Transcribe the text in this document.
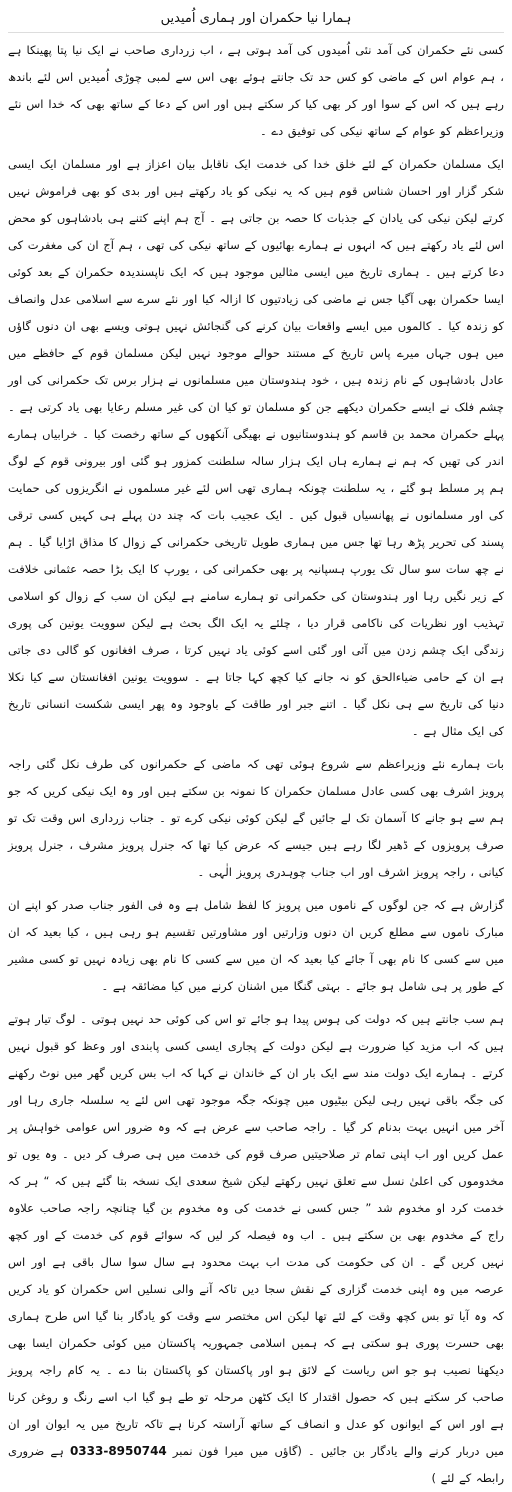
ہمارا نیا حکمران اور ہماری اُمیدیں

کسی نئے حکمران کی آمد نئی اُمیدوں کی آمد ہوتی ہے ، اب زرداری صاحب نے ایک نیا پتا پھینکا ہے ، ہم عوام اس کے ماضی کو کس حد تک جانتے ہوئے بھی اس سے لمبی چوڑی اُمیدیں اس لئے باندھ رہے ہیں کہ اس کے سوا اور کر بھی کیا کر سکتے ہیں اور اس کے دعا کے ساتھ بھی کہ خدا اس نئے وزیراعظم کو عوام کے ساتھ نیکی کی توفیق دے ۔

ایک مسلمان حکمران کے لئے خلق خدا کی خدمت ایک ناقابل بیان اعزاز ہے اور مسلمان ایک ایسی شکر گزار اور احسان شناس قوم ہیں کہ یہ نیکی کو یاد رکھتے ہیں اور بدی کو بھی فراموش نہیں کرتے لیکن نیکی کی یادان کے جذبات کا حصہ بن جاتی ہے ۔ آج ہم اپنے کتنے ہی بادشاہوں کو محض اس لئے یاد رکھتے ہیں کہ انہوں نے ہمارے بھائیوں کے ساتھ نیکی کی تھی ، ہم آج ان کی مغفرت کی دعا کرتے ہیں ۔ ہماری تاریخ میں ایسی مثالیں موجود ہیں کہ ایک ناپسندیدہ حکمران کے بعد کوئی ایسا حکمران بھی آگیا جس نے ماضی کی زیادتیوں کا ازالہ کیا اور نئے سرے سے اسلامی عدل وانصاف کو زندہ کیا ۔ کالموں میں ایسے واقعات بیان کرنے کی گنجائش نہیں ہوتی ویسے بھی ان دنوں گاؤں میں ہوں جہاں میرے پاس تاریخ کے مستند حوالے موجود نہیں لیکن مسلمان قوم کے حافظے میں عادل بادشاہوں کے نام زندہ ہیں ، خود ہندوستان میں مسلمانوں نے ہزار برس تک حکمرانی کی اور چشم فلک نے ایسے حکمران دیکھے جن کو مسلمان تو کیا ان کی غیر مسلم رعایا بھی یاد کرتی ہے ۔ پہلے حکمران محمد بن قاسم کو ہندوستانیوں نے بھیگی آنکھوں کے ساتھ رخصت کیا ۔ خرابیاں ہمارے اندر کی تھیں کہ ہم نے ہمارے ہاں ایک ہزار سالہ سلطنت کمزور ہو گئی اور بیرونی قوم کے لوگ ہم پر مسلط ہو گئے ، یہ سلطنت چونکہ ہماری تھی اس لئے غیر مسلموں نے انگریزوں کی حمایت کی اور مسلمانوں نے پھانسیاں قبول کیں ۔ ایک عجیب بات کہ چند دن پہلے ہی کہیں کسی ترقی پسند کی تحریر پڑھ رہا تھا جس میں ہماری طویل تاریخی حکمرانی کے زوال کا مذاق اڑایا گیا ۔ ہم نے چھ سات سو سال تک یورپ ہسپانیہ پر بھی حکمرانی کی ، یورپ کا ایک بڑا حصہ عثمانی خلافت کے زیر نگیں رہا اور ہندوستان کی حکمرانی تو ہمارے سامنے ہے لیکن ان سب کے زوال کو اسلامی تہذیب اور نظریات کی ناکامی قرار دیا ، چلئے یہ ایک الگ بحث ہے لیکن سوویت یونین کی پوری زندگی ایک چشم زدن میں آئی اور گئی اسے کوئی یاد نہیں کرتا ، صرف افغانوں کو گالی دی جاتی ہے ان کے حامی ضیاءالحق کو نہ جانے کیا کچھ کہا جاتا ہے ۔ سوویت یونین افغانستان سے کیا نکلا دنیا کی تاریخ سے ہی نکل گیا ۔ اتنے جبر اور طاقت کے باوجود وہ پھر ایسی شکست انسانی تاریخ کی ایک مثال ہے ۔

بات ہمارے نئے وزیراعظم سے شروع ہوئی تھی کہ ماضی کے حکمرانوں کی طرف نکل گئی راجہ پرویز اشرف بھی کسی عادل مسلمان حکمران کا نمونہ بن سکتے ہیں اور وہ ایک نیکی کریں کہ جو ہم سے ہو جانے کا آسمان تک لے جائیں گے لیکن کوئی نیکی کرے تو ۔ جناب زرداری اس وقت تک تو صرف پرویزوں کے ڈھیر لگا رہے ہیں جیسے کہ عرض کیا تھا کہ جنرل پرویز مشرف ، جنرل پرویز کیانی ، راجہ پرویز اشرف اور اب جناب چوہدری پرویز الٰہی ۔

گزارش ہے کہ جن لوگوں کے ناموں میں پرویز کا لفظ شامل ہے وہ فی الفور جناب صدر کو اپنے ان مبارک ناموں سے مطلع کریں ان دنوں وزارتیں اور مشاورتیں تقسیم ہو رہی ہیں ، کیا بعید کہ ان میں سے کسی کا نام بھی آ جائے کیا بعید کہ ان میں سے کسی کا نام بھی زیادہ نہیں تو کسی مشیر کے طور پر ہی شامل ہو جائے ۔ بہتی گنگا میں اشنان کرنے میں کیا مضائقہ ہے ۔

ہم سب جانتے ہیں کہ دولت کی ہوس پیدا ہو جائے تو اس کی کوئی حد نہیں ہوتی ۔ لوگ تیار ہوتے ہیں کہ اب مزید کیا ضرورت ہے لیکن دولت کے پجاری ایسی کسی پابندی اور وعظ کو قبول نہیں کرتے ۔ ہمارے ایک دولت مند سے ایک بار ان کے خاندان نے کہا کہ اب بس کریں گھر میں نوٹ رکھنے کی جگہ باقی نہیں رہی لیکن بیٹیوں میں چونکہ جگہ موجود تھی اس لئے یہ سلسلہ جاری رہا اور آخر میں انہیں بہت بدنام کر گیا ۔ راجہ صاحب سے عرض ہے کہ وہ ضرور اس عوامی خواہش پر عمل کریں اور اب اپنی تمام تر صلاحیتیں صرف قوم کی خدمت میں ہی صرف کر دیں ۔ وہ یوں تو مخدوموں کی اعلیٰ نسل سے تعلق نہیں رکھتے لیکن شیخ سعدی ایک نسخہ بتا گئے ہیں کہ “ ہر کہ خدمت کرد او مخدوم شد ” جس کسی نے خدمت کی وہ مخدوم بن گیا چنانچہ راجہ صاحب علاوہ راج کے مخدوم بھی بن سکتے ہیں ۔ اب وہ فیصلہ کر لیں کہ سوائے قوم کی خدمت کے اور کچھ نہیں کریں گے ۔ ان کی حکومت کی مدت اب بہت محدود ہے سال سوا سال باقی ہے اور اس عرصہ میں وہ اپنی خدمت گزاری کے نقش سجا دیں تاکہ آنے والی نسلیں اس حکمران کو یاد کریں کہ وہ آیا تو بس کچھ وقت کے لئے تھا لیکن اس مختصر سے وقت کو یادگار بنا گیا اس طرح ہماری بھی حسرت پوری ہو سکتی ہے کہ ہمیں اسلامی جمہوریہ پاکستان میں کوئی حکمران ایسا بھی دیکھنا نصیب ہو جو اس ریاست کے لائق ہو اور پاکستان کو پاکستان بنا دے ۔ یہ کام راجہ پرویز صاحب کر سکتے ہیں کہ حصول اقتدار کا ایک کٹھن مرحلہ تو طے ہو گیا اب اسے رنگ و روغن کرنا ہے اور اس کے ایوانوں کو عدل و انصاف کے ساتھ آراستہ کرنا ہے تاکہ تاریخ میں یہ ایوان اور ان میں دربار کرنے والے یادگار بن جائیں ۔ (گاؤں میں میرا فون نمبر 0333-8950744 ہے ضروری رابطہ کے لئے )
